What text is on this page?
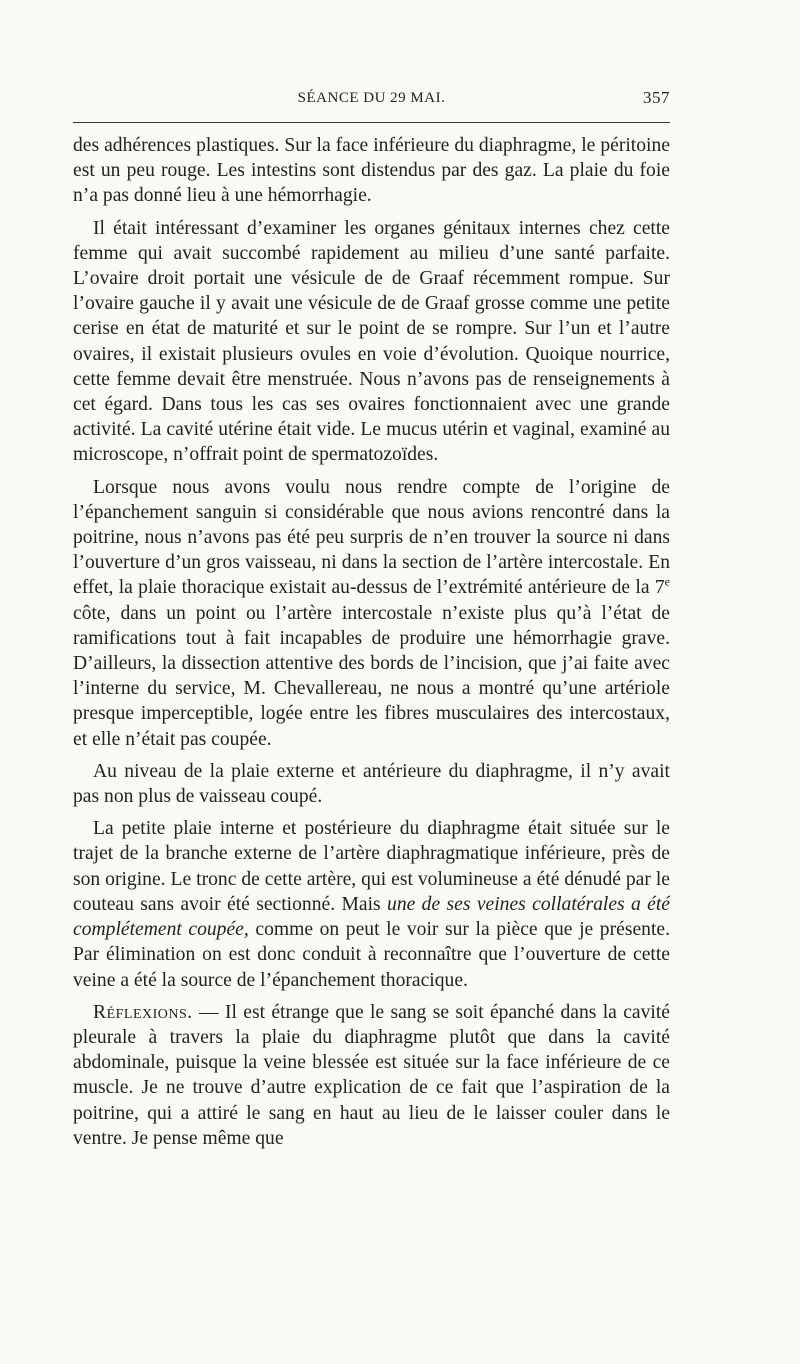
SÉANCE DU 29 MAI.	357

des adhérences plastiques. Sur la face inférieure du diaphragme, le péritoine est un peu rouge. Les intestins sont distendus par des gaz. La plaie du foie n’a pas donné lieu à une hémorrhagie.

Il était intéressant d’examiner les organes génitaux internes chez cette femme qui avait succombé rapidement au milieu d’une santé parfaite. L’ovaire droit portait une vésicule de de Graaf récemment rompue. Sur l’ovaire gauche il y avait une vésicule de de Graaf grosse comme une petite cerise en état de maturité et sur le point de se rompre. Sur l’un et l’autre ovaires, il existait plusieurs ovules en voie d’évolution. Quoique nourrice, cette femme devait être menstruée. Nous n’avons pas de renseignements à cet égard. Dans tous les cas ses ovaires fonctionnaient avec une grande activité. La cavité utérine était vide. Le mucus utérin et vaginal, examiné au microscope, n’offrait point de spermatozoïdes.

Lorsque nous avons voulu nous rendre compte de l’origine de l’épanchement sanguin si considérable que nous avions rencontré dans la poitrine, nous n’avons pas été peu surpris de n’en trouver la source ni dans l’ouverture d’un gros vaisseau, ni dans la section de l’artère intercostale. En effet, la plaie thoracique existait au-dessus de l’extrémité antérieure de la 7e côte, dans un point ou l’artère intercostale n’existe plus qu’à l’état de ramifications tout à fait incapables de produire une hémorrhagie grave. D’ailleurs, la dissection attentive des bords de l’incision, que j’ai faite avec l’interne du service, M. Chevallereau, ne nous a montré qu’une artériole presque imperceptible, logée entre les fibres musculaires des intercostaux, et elle n’était pas coupée.

Au niveau de la plaie externe et antérieure du diaphragme, il n’y avait pas non plus de vaisseau coupé.

La petite plaie interne et postérieure du diaphragme était située sur le trajet de la branche externe de l’artère diaphragmatique inférieure, près de son origine. Le tronc de cette artère, qui est volumineuse a été dénudé par le couteau sans avoir été sectionné. Mais une de ses veines collatérales a été complétement coupée, comme on peut le voir sur la pièce que je présente. Par élimination on est donc conduit à reconnaître que l’ouverture de cette veine a été la source de l’épanchement thoracique.

Réflexions. — Il est étrange que le sang se soit épanché dans la cavité pleurale à travers la plaie du diaphragme plutôt que dans la cavité abdominale, puisque la veine blessée est située sur la face inférieure de ce muscle. Je ne trouve d’autre explication de ce fait que l’aspiration de la poitrine, qui a attiré le sang en haut au lieu de le laisser couler dans le ventre. Je pense même que
